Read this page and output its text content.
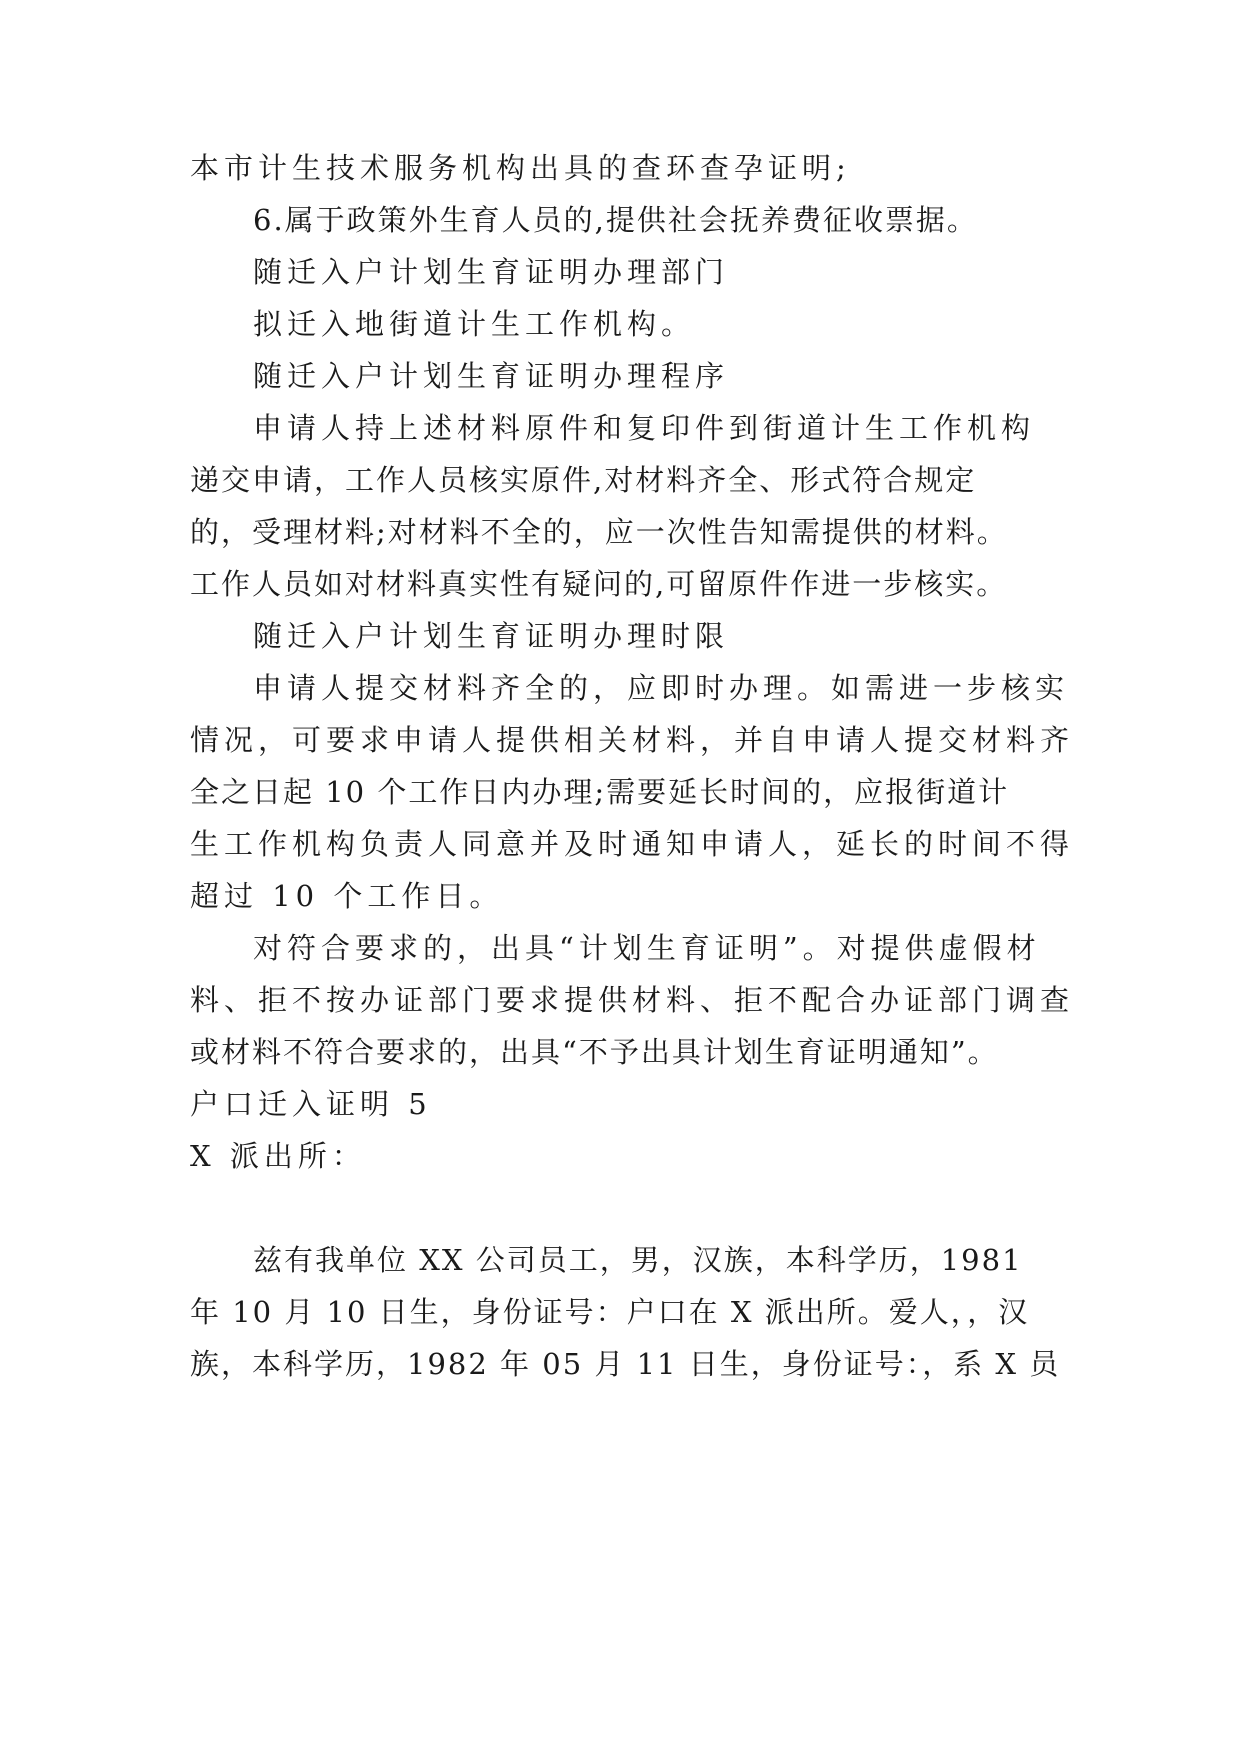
本市计生技术服务机构出具的查环查孕证明;
6.属于政策外生育人员的,提供社会抚养费征收票据。
随迁入户计划生育证明办理部门
拟迁入地街道计生工作机构。
随迁入户计划生育证明办理程序
申请人持上述材料原件和复印件到街道计生工作机构
递交申请，工作人员核实原件,对材料齐全、形式符合规定
的，受理材料;对材料不全的，应一次性告知需提供的材料。
工作人员如对材料真实性有疑问的,可留原件作进一步核实。
随迁入户计划生育证明办理时限
申请人提交材料齐全的，应即时办理。如需进一步核实
情况，可要求申请人提供相关材料，并自申请人提交材料齐
全之日起 10 个工作日内办理;需要延长时间的，应报街道计
生工作机构负责人同意并及时通知申请人，延长的时间不得
超过 10 个工作日。
对符合要求的，出具“计划生育证明”。对提供虚假材
料、拒不按办证部门要求提供材料、拒不配合办证部门调查
或材料不符合要求的，出具“不予出具计划生育证明通知”。
户口迁入证明 5
X 派出所：
兹有我单位 XX 公司员工，男，汉族，本科学历，1981
年 10 月 10 日生，身份证号：户口在 X 派出所。爱人，，汉
族，本科学历，1982 年 05 月 11 日生，身份证号：，系 X 员
